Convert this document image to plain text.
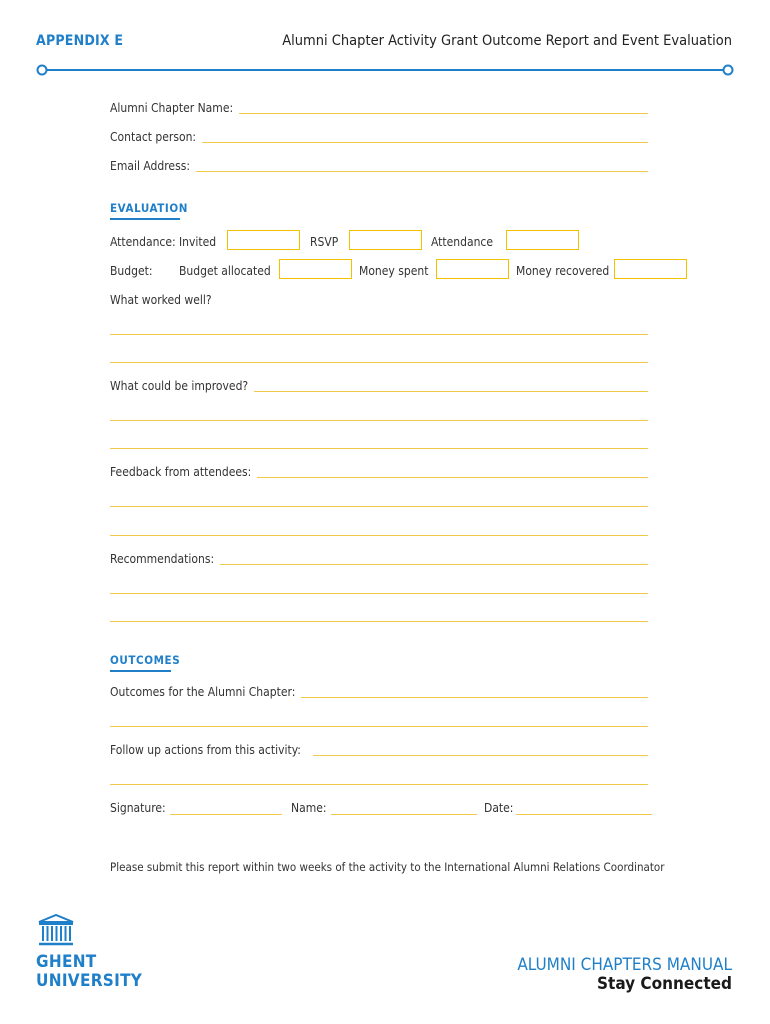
APPENDIX E	Alumni Chapter Activity Grant Outcome Report and Event Evaluation
Alumni Chapter Name:
Contact person:
Email Address:
EVALUATION
Attendance: Invited	RSVP	Attendance
Budget: Budget allocated	Money spent	Money recovered
What worked well?
What could be improved?
Feedback from attendees:
Recommendations:
OUTCOMES
Outcomes for the Alumni Chapter:
Follow up actions from this activity:
Signature:	Name:	Date:
Please submit this report within two weeks of the activity to the International Alumni Relations Coordinator
GHENT
UNIVERSITY
ALUMNI CHAPTERS MANUAL
Stay Connected
